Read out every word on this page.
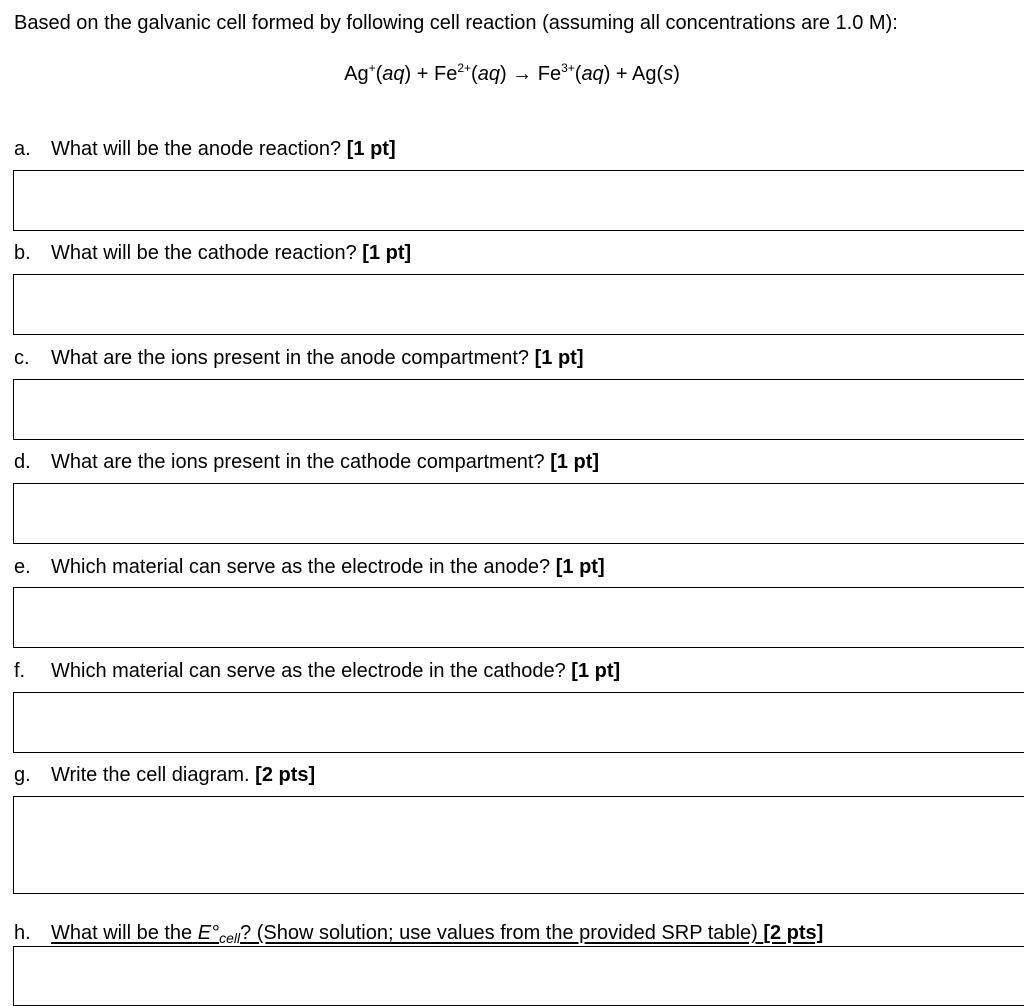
Based on the galvanic cell formed by following cell reaction (assuming all concentrations are 1.0 M):
$Ag^+(aq) + Fe^{2+}(aq) \to Fe^{3+}(aq) + Ag(s)$
a. What will be the anode reaction? [1 pt]
b. What will be the cathode reaction? [1 pt]
c. What are the ions present in the anode compartment? [1 pt]
d. What are the ions present in the cathode compartment? [1 pt]
e. Which material can serve as the electrode in the anode? [1 pt]
f. Which material can serve as the electrode in the cathode? [1 pt]
g. Write the cell diagram. [2 pts]
h. What will be the $E^\circ_{cell}$? (Show solution; use values from the provided SRP table) [2 pts]
